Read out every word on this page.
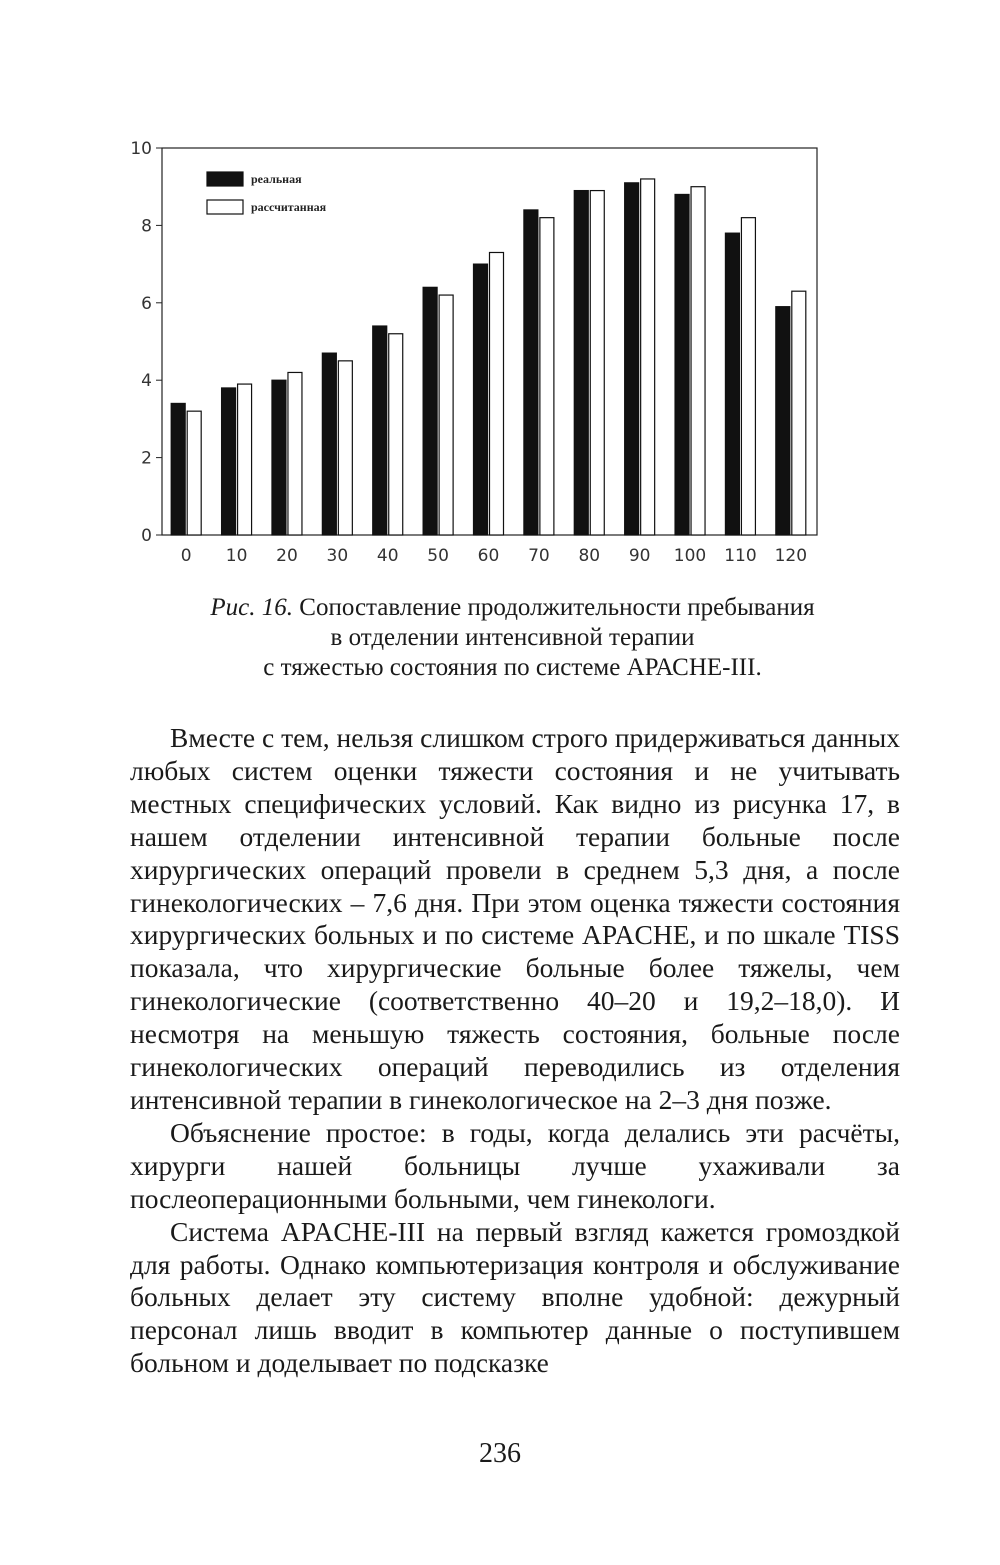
0
2
4
6
8
10
0 10 20 30 40 50 60 70 80 90 100 110 120
реальная
рассчитанная
Рис. 16. Сопоставление продолжительности пребывания
в отделении интенсивной терапии
с тяжестью состояния по системе АРАСНЕ-III.

Вместе с тем, нельзя слишком строго придерживаться данных любых систем оценки тяжести состояния и не учитывать местных специфических условий. Как видно из рисунка 17, в нашем отделении интенсивной терапии больные после хирургических операций провели в среднем 5,3 дня, а после гинекологических – 7,6 дня. При этом оценка тяжести состояния хирургических больных и по системе APACHE, и по шкале TISS показала, что хирургические больные более тяжелы, чем гинекологические (соответственно 40–20 и 19,2–18,0). И несмотря на меньшую тяжесть состояния, больные после гинекологических операций переводились из отделения интенсивной терапии в гинекологическое на 2–3 дня позже.

Объяснение простое: в годы, когда делались эти расчёты, хирурги нашей больницы лучше ухаживали за послеоперационными больными, чем гинекологи.

Система APACHE-III на первый взгляд кажется громоздкой для работы. Однако компьютеризация контроля и обслуживание больных делает эту систему вполне удобной: дежурный персонал лишь вводит в компьютер данные о поступившем больном и доделывает по подсказке

236
